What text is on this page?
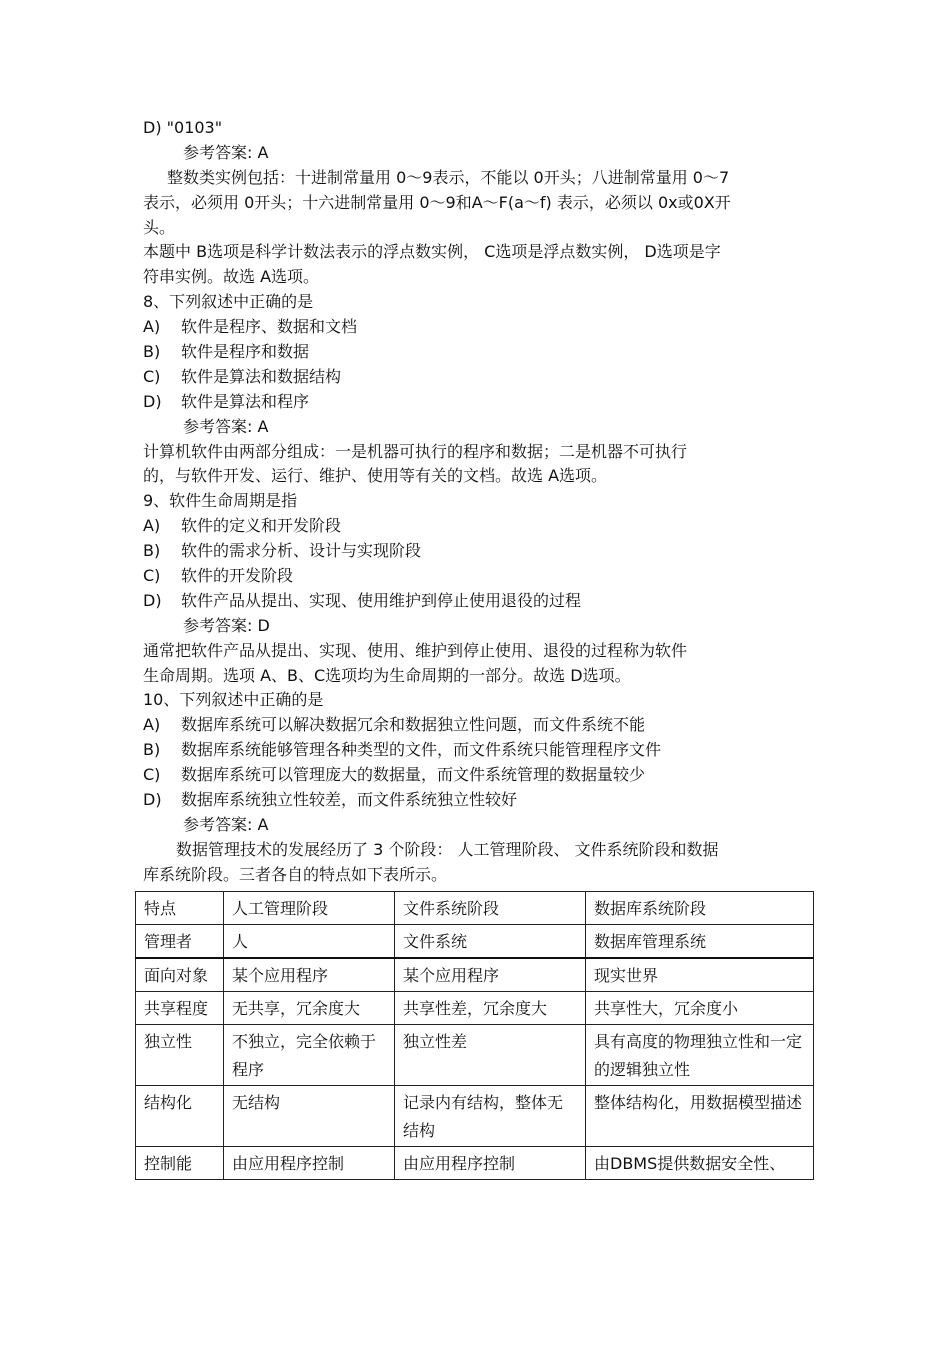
D) "0103"
参考答案: A
整数类实例包括：十进制常量用 0～9表示，不能以 0开头；八进制常量用 0～7
表示，必须用 0开头；十六进制常量用 0～9和A～F(a～f) 表示，必须以 0x或0X开
头。
本题中 B选项是科学计数法表示的浮点数实例， C选项是浮点数实例， D选项是字
符串实例。故选 A选项。
8、下列叙述中正确的是
A)	软件是程序、数据和文档
B)	软件是程序和数据
C)	软件是算法和数据结构
D)	软件是算法和程序
参考答案: A
计算机软件由两部分组成：一是机器可执行的程序和数据；二是机器不可执行
的，与软件开发、运行、维护、使用等有关的文档。故选 A选项。
9、软件生命周期是指
A)	软件的定义和开发阶段
B)	软件的需求分析、设计与实现阶段
C)	软件的开发阶段
D)	软件产品从提出、实现、使用维护到停止使用退役的过程
参考答案: D
通常把软件产品从提出、实现、使用、维护到停止使用、退役的过程称为软件
生命周期。选项 A、B、C选项均为生命周期的一部分。故选 D选项。
10、下列叙述中正确的是
A)	数据库系统可以解决数据冗余和数据独立性问题，而文件系统不能
B)	数据库系统能够管理各种类型的文件，而文件系统只能管理程序文件
C)	数据库系统可以管理庞大的数据量，而文件系统管理的数据量较少
D)	数据库系统独立性较差，而文件系统独立性较好
参考答案: A
数据管理技术的发展经历了 3 个阶段： 人工管理阶段、 文件系统阶段和数据
库系统阶段。三者各自的特点如下表所示。
特点	人工管理阶段	文件系统阶段	数据库系统阶段
管理者	人	文件系统	数据库管理系统
面向对象	某个应用程序	某个应用程序	现实世界
共享程度	无共享，冗余度大	共享性差，冗余度大	共享性大，冗余度小
独立性	不独立，完全依赖于程序	独立性差	具有高度的物理独立性和一定的逻辑独立性
结构化	无结构	记录内有结构，整体无结构	整体结构化，用数据模型描述
控制能	由应用程序控制	由应用程序控制	由DBMS提供数据安全性、
